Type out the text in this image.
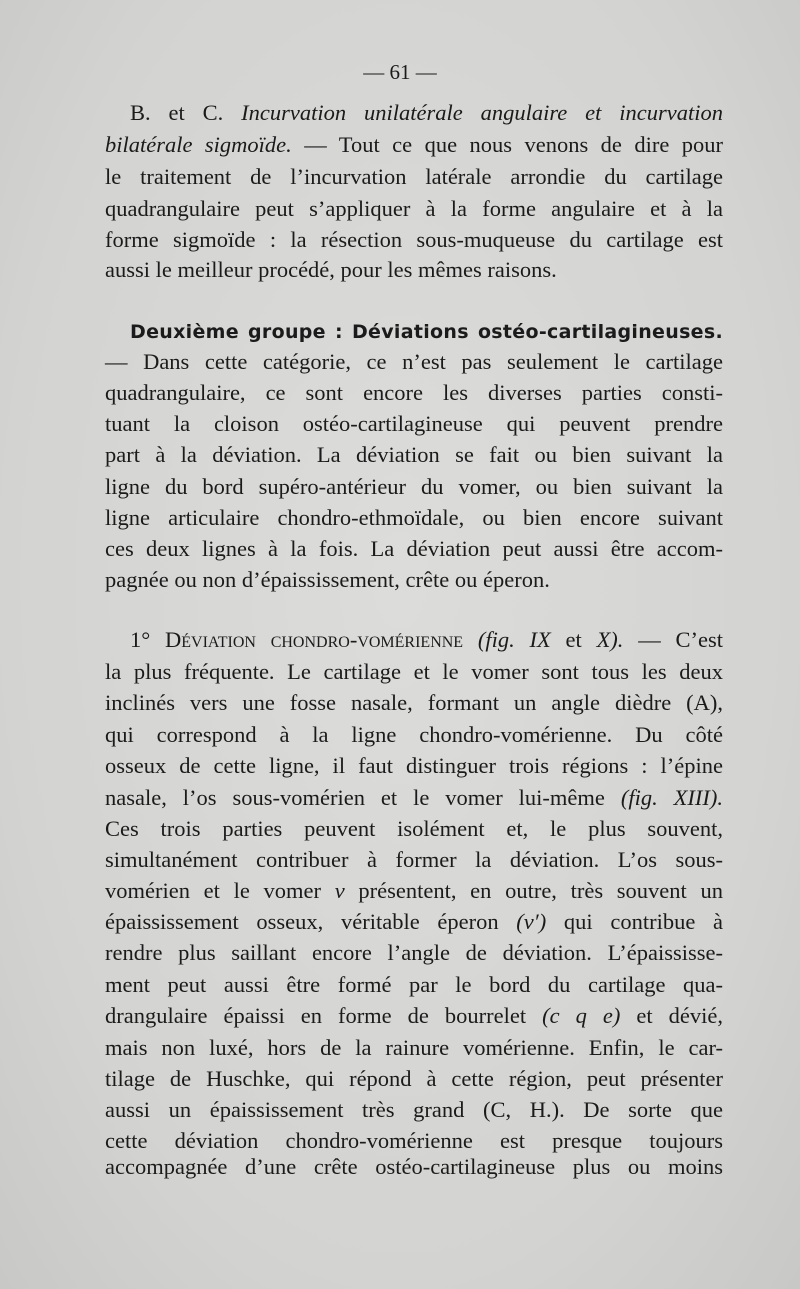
— 61 —
B. et C. Incurvation unilatérale angulaire et incurvation
bilatérale sigmoïde. — Tout ce que nous venons de dire pour
le traitement de l’incurvation latérale arrondie du cartilage
quadrangulaire peut s’appliquer à la forme angulaire et à la
forme sigmoïde : la résection sous-muqueuse du cartilage est
aussi le meilleur procédé, pour les mêmes raisons.
Deuxième groupe : Déviations ostéo-cartilagineuses.
— Dans cette catégorie, ce n’est pas seulement le cartilage
quadrangulaire, ce sont encore les diverses parties consti-
tuant la cloison ostéo-cartilagineuse qui peuvent prendre
part à la déviation. La déviation se fait ou bien suivant la
ligne du bord supéro-antérieur du vomer, ou bien suivant la
ligne articulaire chondro-ethmoïdale, ou bien encore suivant
ces deux lignes à la fois. La déviation peut aussi être accom-
pagnée ou non d’épaississement, crête ou éperon.
1° Déviation chondro-vomérienne (fig. IX et X). — C’est
la plus fréquente. Le cartilage et le vomer sont tous les deux
inclinés vers une fosse nasale, formant un angle dièdre (A),
qui correspond à la ligne chondro-vomérienne. Du côté
osseux de cette ligne, il faut distinguer trois régions : l’épine
nasale, l’os sous-vomérien et le vomer lui-même (fig. XIII).
Ces trois parties peuvent isolément et, le plus souvent,
simultanément contribuer à former la déviation. L’os sous-
vomérien et le vomer v présentent, en outre, très souvent un
épaississement osseux, véritable éperon (v′) qui contribue à
rendre plus saillant encore l’angle de déviation. L’épaississe-
ment peut aussi être formé par le bord du cartilage qua-
drangulaire épaissi en forme de bourrelet (c q e) et dévié,
mais non luxé, hors de la rainure vomérienne. Enfin, le car-
tilage de Huschke, qui répond à cette région, peut présenter
aussi un épaississement très grand (C, H.). De sorte que
cette déviation chondro-vomérienne est presque toujours
accompagnée d’une crête ostéo-cartilagineuse plus ou moins
